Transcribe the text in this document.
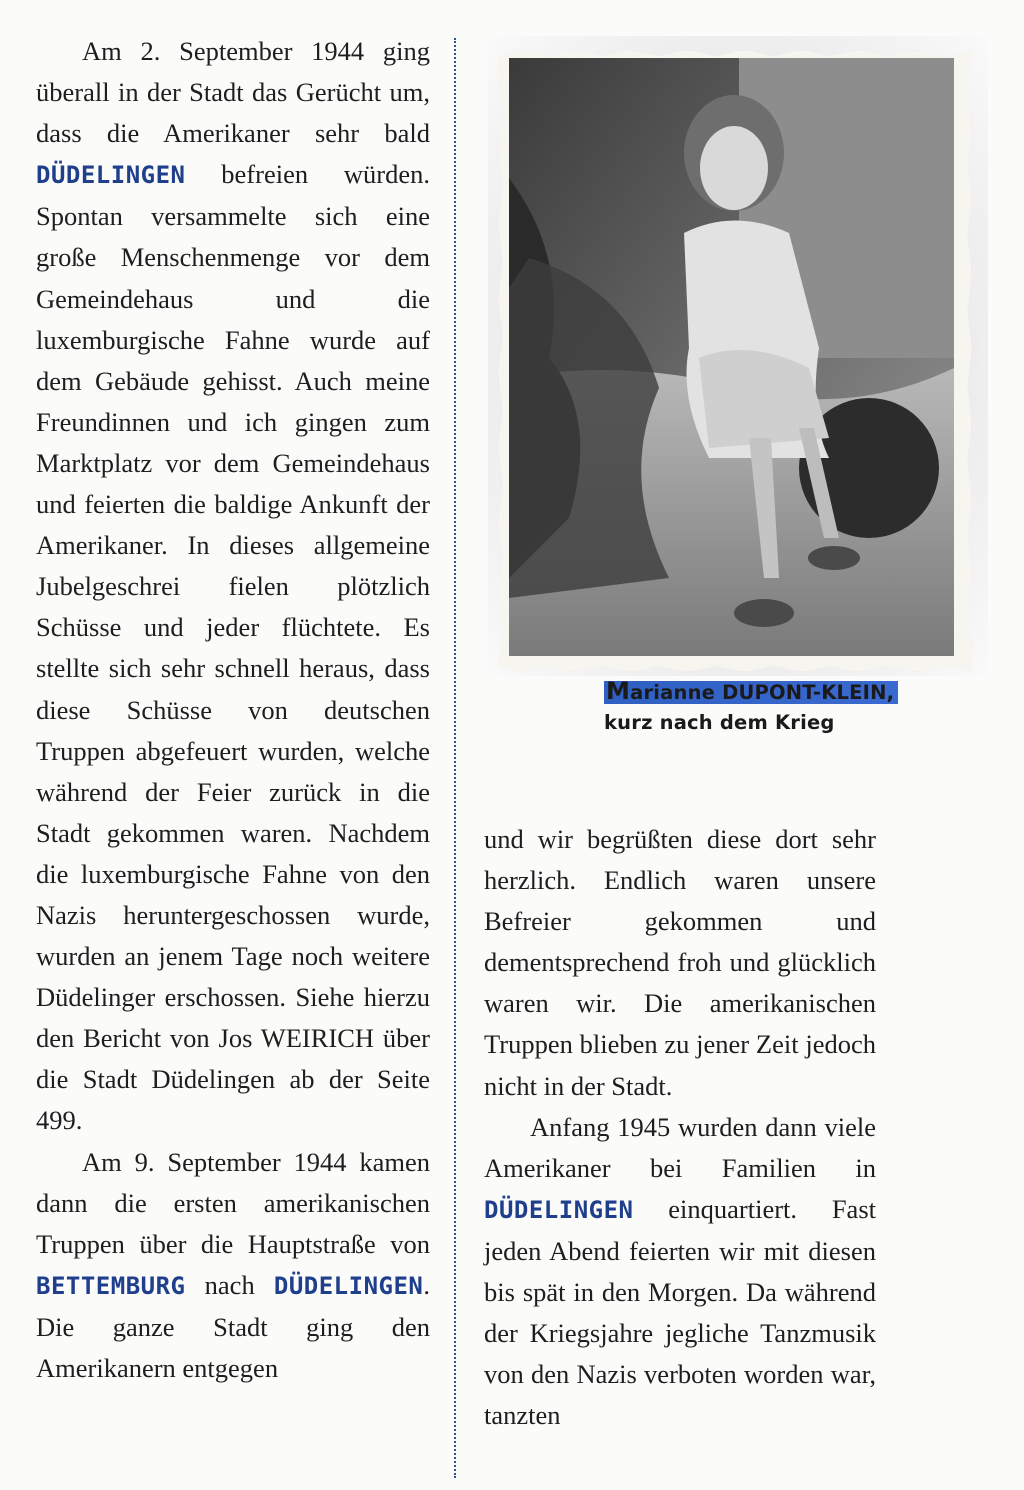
Am 2. September 1944 ging überall in der Stadt das Gerücht um, dass die Amerikaner sehr bald DÜDELINGEN befreien würden. Spontan versammelte sich eine große Menschenmenge vor dem Gemeindehaus und die luxemburgische Fahne wurde auf dem Gebäude gehisst. Auch meine Freundinnen und ich gingen zum Marktplatz vor dem Gemeindehaus und feierten die baldige Ankunft der Amerikaner. In dieses allgemeine Jubelgeschrei fielen plötzlich Schüsse und jeder flüchtete. Es stellte sich sehr schnell heraus, dass diese Schüsse von deutschen Truppen abgefeuert wurden, welche während der Feier zurück in die Stadt gekommen waren. Nachdem die luxemburgische Fahne von den Nazis heruntergeschossen wurde, wurden an jenem Tage noch weitere Düdelinger erschossen. Siehe hierzu den Bericht von Jos WEIRICH über die Stadt Düdelingen ab der Seite 499.

Am 9. September 1944 kamen dann die ersten amerikanischen Truppen über die Hauptstraße von BETTEMBURG nach DÜDELINGEN. Die ganze Stadt ging den Amerikanern entgegen

Marianne DUPONT-KLEIN,
kurz nach dem Krieg

und wir begrüßten diese dort sehr herzlich. Endlich waren unsere Befreier gekommen und dementsprechend froh und glücklich waren wir. Die amerikanischen Truppen blieben zu jener Zeit jedoch nicht in der Stadt.

Anfang 1945 wurden dann viele Amerikaner bei Familien in DÜDELINGEN einquartiert. Fast jeden Abend feierten wir mit diesen bis spät in den Morgen. Da während der Kriegsjahre jegliche Tanzmusik von den Nazis verboten worden war, tanzten
